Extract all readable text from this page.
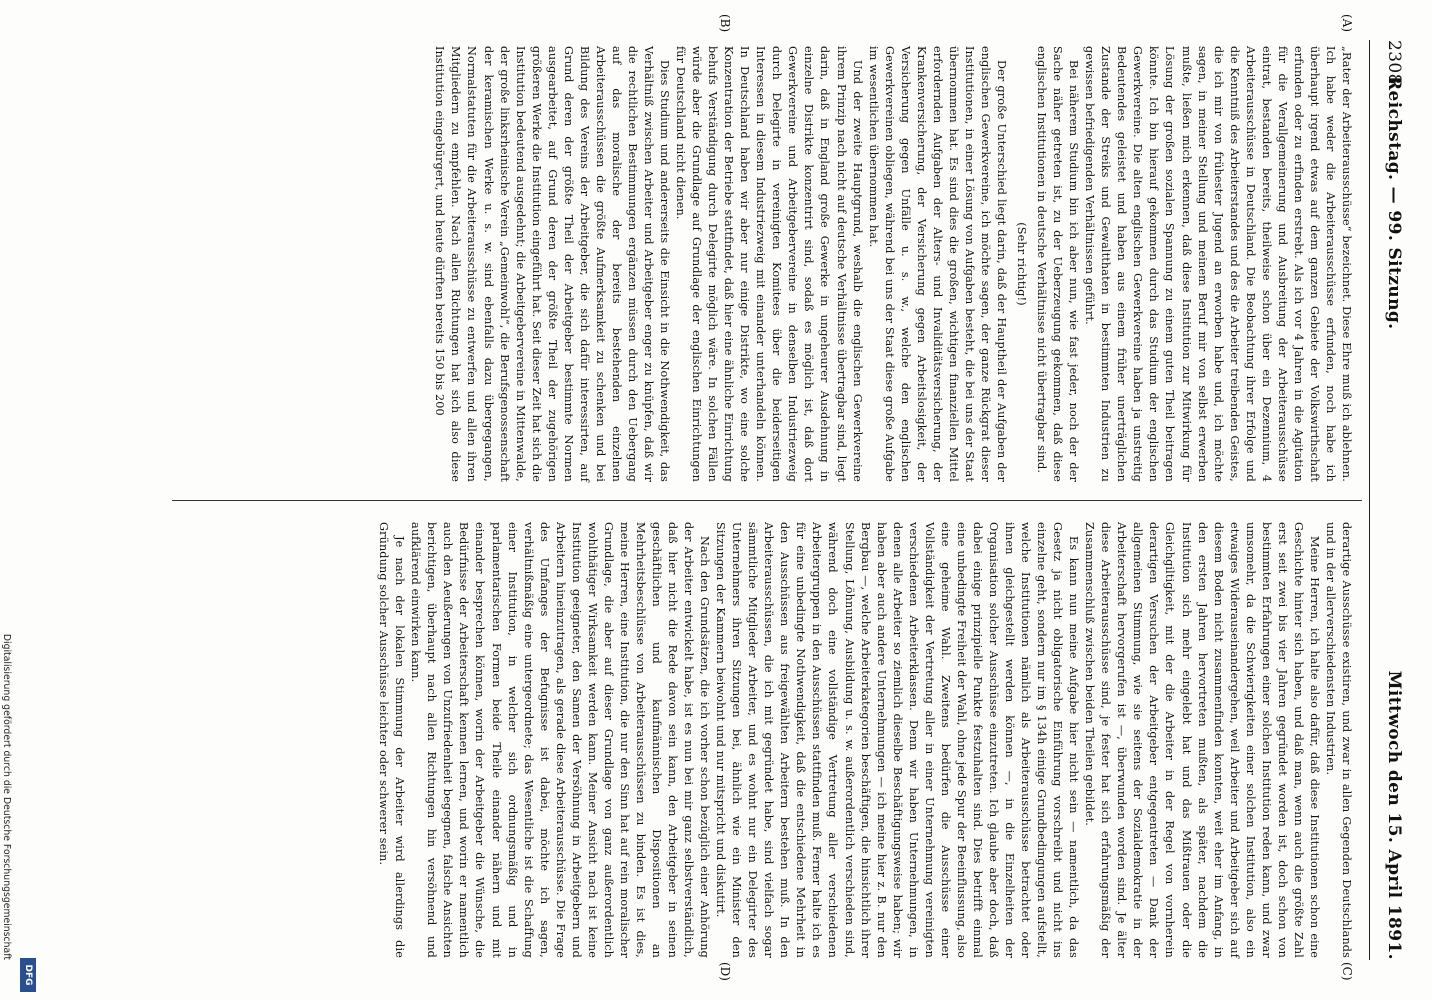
2308
Reichstag. — 99. Sitzung.
Mittwoch den 15. April 1891.
(A)
(B)
(C)
(D)

„Rater der Arbeiterausschüsse“ bezeichnet. Diese Ehre muß ich ablehnen. Ich habe weder die Arbeiterausschüsse erfunden, noch habe ich überhaupt irgend etwas auf dem ganzen Gebiete der Volkswirthschaft erfunden oder zu erfinden erstrebt. Als ich vor 4 Jahren in die Agitation für die Verallgemeinerung und Ausbreitung der Arbeiterausschüsse eintrat, bestanden bereits, theilweise schon über ein Dezennium, 4 Arbeiterausschüsse in Deutschland. Die Beobachtung ihrer Erfolge und die Kenntniß des Arbeiterstandes und des die Arbeiter treibenden Geistes, die ich mir von frühester Jugend an erworben habe und, ich möchte sagen, in meiner Stellung und meinem Beruf mir von selbst erwerben mußte, ließen mich erkennen, daß diese Institution zur Mitwirkung für Lösung der großen sozialen Spannung zu einem guten Theil beitragen könnte. Ich bin hierauf gekommen durch das Studium der englischen Gewerkvereine. Die alten englischen Gewerkvereine haben ja unstreitig Bedeutendes geleistet und haben aus einem früher unerträglichen Zustande der Streiks und Gewaltthaten in bestimmten Industrien zu gewissen befriedigenden Verhältnissen geführt.

Bei näherem Studium bin ich aber nun, wie fast jeder, noch der der Sache näher getreten ist, zu der Ueberzeugung gekommen, daß diese englischen Institutionen in deutsche Verhältnisse nicht übertragbar sind.

(Sehr richtig!)

Der große Unterschied liegt darin, daß der Hauptheil der Aufgaben der englischen Gewerkvereine, ich möchte sagen, der ganze Rückgrat dieser Institutionen, in einer Lösung von Aufgaben besteht, die bei uns der Staat übernommen hat. Es sind dies die großen, wichtigen finanziellen Mittel erfordernden Aufgaben der Alters- und Invaliditätsversicherung, der Krankenversicherung, der Versicherung gegen Arbeitslosigkeit, der Versicherung gegen Unfälle u. s. w., welche den englischen Gewerkvereinen obliegen, während bei uns der Staat diese große Aufgabe im wesentlichen übernommen hat.

Und der zweite Hauptgrund, weshalb die englischen Gewerkvereine ihrem Prinzip nach nicht auf deutsche Verhältnisse übertragbar sind, liegt darin, daß in England große Gewerke in ungeheurer Ausdehnung in einzelne Distrikte konzentrirt sind, sodaß es möglich ist, daß dort Gewerkvereine und Arbeitgebervereine in denselben Industriezweig durch Delegirte in vereinigten Komitees über die beiderseitigen Interessen in diesem Industriezweig mit einander unterhandeln können. In Deutschland haben wir aber nur einige Distrikte, wo eine solche Konzentration der Betriebe stattfindet, daß hier eine ähnliche Einrichtung behufs Verständigung durch Delegirte möglich wäre. In solchen Fällen würde aber die Grundlage auf Grundlage der englischen Einrichtungen für Deutschland nicht dienen.

Dies Studium und andererseits die Einsicht in die Nothwendigkeit, das Verhältniß zwischen Arbeiter und Arbeitgeber enger zu knüpfen, daß wir die rechtlichen Bestimmungen ergänzen müssen durch den Uebergang auf das moralische der bereits bestehenden einzelnen Arbeiterausschüssen die größte Aufmerksamkeit zu schenken und bei Bildung des Vereins der Arbeitgeber, die sich dafür interessirten, auf Grund deren der größte Theil der Arbeitgeber bestimmte Normen ausgearbeitet, auf Grund deren der größte Theil der zugehörigen größeren Werke die Institution eingeführt hat. Seit dieser Zeit hat sich die Institution bedeutend ausgedehnt; die Arbeitgebervereine in Mittenwalde, der große linksrheinische Verein „Gemeinwohl“, die Berufsgenossenschaft der keramischen Werke u. s. w. sind ebenfalls dazu übergegangen, Normalstatuten für die Arbeiterausschüsse zu entwerfen und allen ihren Mitgliedern zu empfehlen. Nach allen Richtungen hat sich also diese Institution eingebürgert, und heute dürften bereits 150 bis 200

derartige Ausschüsse existiren, und zwar in allen Gegenden Deutschlands und in der allerverschiedensten Industrien.

Meine Herren, ich halte also dafür, daß diese Institutionen schon eine Geschichte hinter sich haben, und daß man, wenn auch die größte Zahl erst seit zwei bis vier Jahren gegründet worden ist, doch schon von bestimmten Erfahrungen einer solchen Institution reden kann, und zwar umsomehr, da die Schwierigkeiten einer solchen Institution, also ein etwaiges Widerauseinandergehen, weil Arbeiter und Arbeitgeber sich auf diesem Boden nicht zusammenfinden konnten, weit eher im Anfang, in den ersten Jahren hervortreten mußten, als später, nachdem die Institution sich mehr eingelebt hat und das Mißtrauen oder die Gleichgiltigkeit, mit der die Arbeiter in der Regel von vornherein derartigen Versuchen der Arbeitgeber entgegentreten — Dank der allgemeinen Stimmung, wie sie seitens der Sozialdemokratie in der Arbeiterschaft hervorgerufen ist —, überwunden worden sind. Je älter diese Arbeiterausschüsse sind, je fester hat sich erfahrungsmäßig der Zusammenschluß zwischen beiden Theilen gebildet.

Es kann nun meine Aufgabe hier nicht sein — namentlich, da das Gesetz ja nicht obligatorische Einführung vorschreibt und nicht ins einzelne geht, sondern nur im § 134h einige Grundbedingungen aufstellt, welche Institutionen nämlich als Arbeiterausschüsse betrachtet oder ihnen gleichgestellt werden können —, in die Einzelheiten der Organisation solcher Ausschüsse einzutreten. Ich glaube aber doch, daß dabei einige prinzipielle Punkte festzuhalten sind. Dies betrifft einmal eine unbedingte Freiheit der Wahl, ohne jede Spur der Beeinflussung, also eine geheime Wahl. Zweitens bedürfen die Ausschüsse einer Vollständigkeit der Vertretung aller in einer Unternehmung vereinigten verschiedenen Arbeiterklassen. Denn wir haben Unternehmungen, in denen alle Arbeiter so ziemlich dieselbe Beschäftigungsweise haben; wir haben aber auch andere Unternehmungen — ich meine hier z. B. nur den Bergbau —, welche Arbeiterkategorien beschäftigen, die hinsichtlich ihrer Stellung, Löhnung, Ausbildung u. s. w. außerordentlich verschieden sind, während doch eine vollständige Vertretung aller verschiedenen Arbeitergruppen in den Ausschüssen stattfinden muß. Ferner halte ich es für eine unbedingte Nothwendigkeit, daß die entschiedene Mehrheit in den Ausschüssen aus freigewählten Arbeitern bestehen muß. In den Arbeiterausschüssen, die ich mit gegründet habe, sind vielfach sogar sämmtliche Mitglieder Arbeiter, und es wohnt nur ein Delegirter des Unternehmers ihren Sitzungen bei, ähnlich wie ein Minister den Sitzungen der Kammern beiwohnt und nur mitspricht und diskutirt.

Nach den Grundsätzen, die ich vorher schon bezüglich einer Anhörung der Arbeiter entwickelt habe, ist es nun bei mir ganz selbstverständlich, daß hier nicht die Rede davon sein kann, den Arbeitgeber in seinen geschäftlichen und kaufmännischen Dispositionen an Mehrheitsbeschlüsse von Arbeiterausschüssen zu binden. Es ist dies, meine Herren, eine Institution, die nur den Sinn hat auf rein moralischer Grundlage, die aber auf dieser Grundlage von ganz außerordentlich wohlthätiger Wirksamkeit werden kann. Meiner Ansicht nach ist keine Institution geeigneter, den Samen der Versöhnung in Arbeitgebern und Arbeitern hineinzutragen, als gerade diese Arbeiterausschüsse. Die Frage des Umfanges der Befugnisse ist dabei, möchte ich sagen, verhältnißmäßig eine untergeordnete; das Wesentliche ist die Schaffung einer Institution, in welcher sich ordnungsmäßig und in parlamentarischen Formen beide Theile einander nähern und mit einander besprechen können, worin der Arbeitgeber die Wünsche, die Bedürfnisse der Arbeiterschaft kennen lernen, und worin er namentlich auch den Aeußerungen von Unzufriedenheit begegnen, falsche Ansichten berichtigen, überhaupt nach allen Richtungen hin versöhnend und aufklärend einwirken kann.

Je nach der lokalen Stimmung der Arbeiter wird allerdings die Gründung solcher Ausschüsse leichter oder schwerer sein.

Digitalisierung gefördert durch die Deutsche Forschungsgemeinschaft
DFG
